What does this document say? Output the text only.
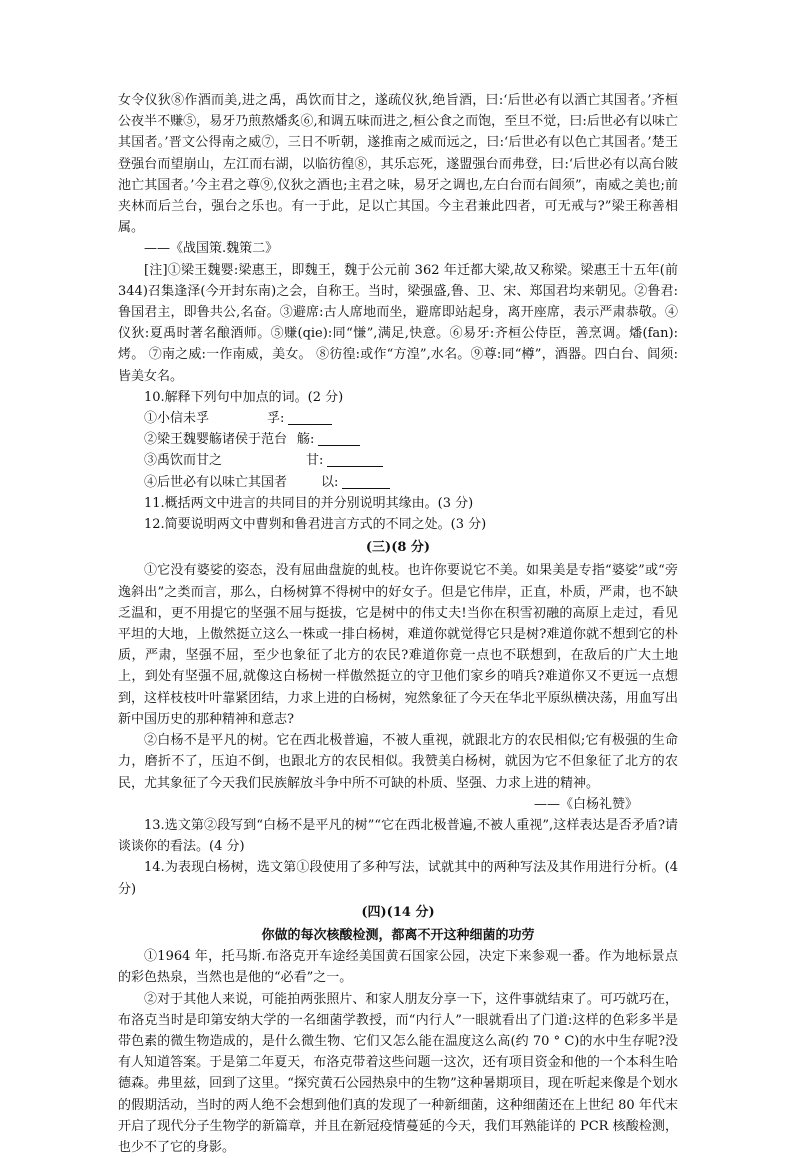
女令仪狄⑧作酒而美,进之禹，禹饮而甘之，遂疏仪狄,绝旨酒，曰:‘后世必有以酒亡其国者。’齐桓公夜半不赚⑤，易牙乃煎熬燔炙⑥,和调五味而进之,桓公食之而饱，至旦不觉，曰:后世必有以味亡其国者。’晋文公得南之威⑦，三日不听朝，遂推南之威而远之，曰:‘后世必有以色亡其国者。’楚王登强台而望崩山，左江而右湖，以临彷徨⑧，其乐忘死，遂盟强台而弗登，曰:‘后世必有以高台陂池亡其国者。’今主君之尊⑨,仪狄之酒也;主君之味，易牙之调也,左白台而右闾须”，南威之美也;前夹林而后兰台，强台之乐也。有一于此，足以亡其国。今主君兼此四者，可无戒与?”梁王称善相属。

——《战国策.魏策二》

[注]①梁王魏婴:梁惠王，即魏王，魏于公元前 362 年迁都大梁,故又称梁。梁惠王十五年(前 344)召集逢泽(今开封东南)之会，自称王。当时，梁强盛,鲁、卫、宋、郑国君均来朝见。②鲁君:鲁国君主，即鲁共公,名奋。③避席:古人席地而坐，避席即站起身，离开座席，表示严肃恭敬。④仪狄:夏禹时著名酿酒师。⑤赚(qie):同“慊”,满足,快意。⑥易牙:齐桓公侍臣，善烹调。燔(fan):烤。 ⑦南之威:一作南威，美女。 ⑧彷徨:或作“方湟”,水名。⑨尊:同“樽”，酒器。四白台、闾须:皆美女名。

10.解释下列句中加点的词。(2 分)

①小信未孚	孚:

②梁王魏婴觞诸侯于范台 觞:

③禹饮而甘之	甘:

④后世必有以味亡其国者	以:

11.概括两文中进言的共同目的并分别说明其缘由。(3 分)

12.简要说明两文中曹刿和鲁君进言方式的不同之处。(3 分)

(三)(8 分)

①它没有婆娑的姿态，没有屈曲盘旋的虬枝。也许你要说它不美。如果美是专指“婆娑”或“旁逸斜出”之类而言，那么，白杨树算不得树中的好女子。但是它伟岸，正直，朴质，严肃，也不缺乏温和，更不用提它的坚强不屈与挺拔，它是树中的伟丈夫!当你在积雪初融的高原上走过，看见平坦的大地，上傲然挺立这么一株或一排白杨树，难道你就觉得它只是树?难道你就不想到它的朴质，严肃，坚强不屈，至少也象征了北方的农民?难道你竟一点也不联想到，在敌后的广大土地上，到处有坚强不屈,就像这白杨树一样傲然挺立的守卫他们家乡的哨兵?难道你又不更远一点想到，这样枝枝叶叶靠紧团结，力求上进的白杨树，宛然象征了今天在华北平原纵横决荡，用血写出新中国历史的那种精神和意志?

②白杨不是平凡的树。它在西北极普遍，不被人重视，就跟北方的农民相似;它有极强的生命力，磨折不了，压迫不倒，也跟北方的农民相似。我赞美白杨树，就因为它不但象征了北方的农民，尤其象征了今天我们民族解放斗争中所不可缺的朴质、坚强、力求上进的精神。

——《白杨礼赞》

13.选文第②段写到“白杨不是平凡的树”“它在西北极普遍,不被人重视”,这样表达是否矛盾?请谈谈你的看法。(4 分)

14.为表现白杨树，选文第①段使用了多种写法，试就其中的两种写法及其作用进行分析。(4 分)

(四)(14 分)

你做的每次核酸检测，都离不开这种细菌的功劳

①1964 年，托马斯.布洛克开车途经美国黄石国家公园，决定下来参观一番。作为地标景点的彩色热泉，当然也是他的“必看”之一。

②对于其他人来说，可能拍两张照片、和家人朋友分享一下，这件事就结束了。可巧就巧在，布洛克当时是印第安纳大学的一名细菌学教授，而“内行人”一眼就看出了门道:这样的色彩多半是带色素的微生物造成的，是什么微生物、它们又怎么能在温度这么高(约 70 ° C)的水中生存呢?没有人知道答案。于是第二年夏天，布洛克带着这些问题一这次，还有项目资金和他的一个本科生哈德森。弗里兹，回到了这里。“探究黄石公园热泉中的生物”这种暑期项目，现在听起来像是个划水的假期活动，当时的两人绝不会想到他们真的发现了一种新细菌，这种细菌还在上世纪 80 年代末开启了现代分子生物学的新篇章，并且在新冠疫情蔓延的今天，我们耳熟能详的 PCR 核酸检测，也少不了它的身影。
